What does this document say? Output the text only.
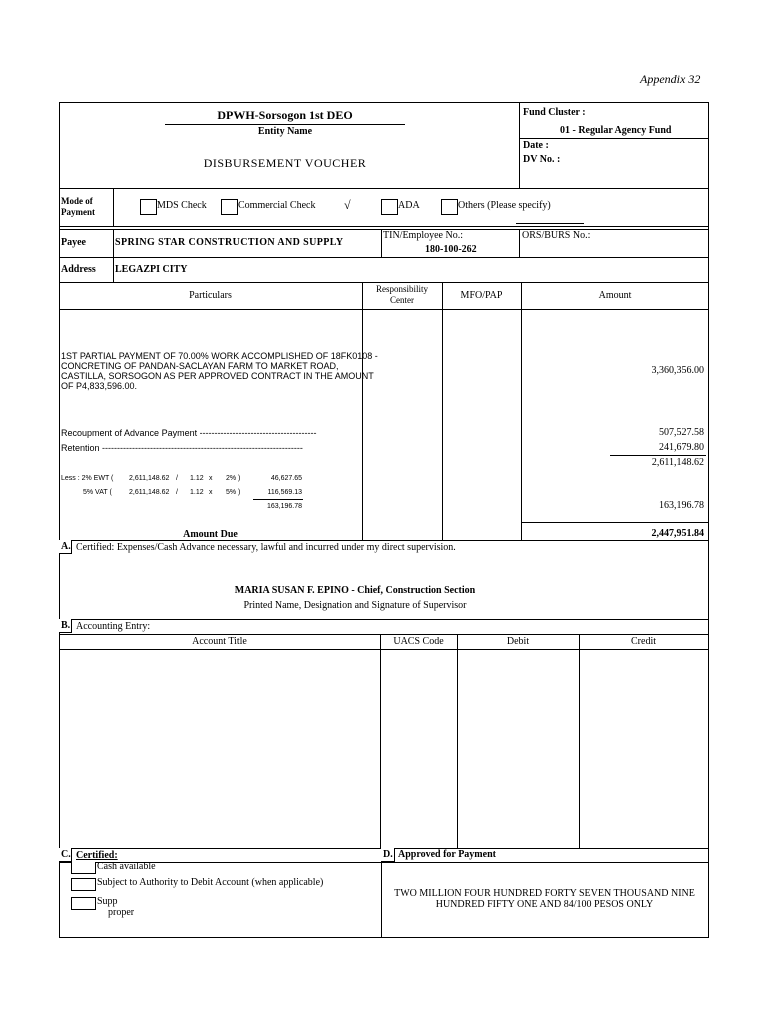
Appendix 32
DPWH-Sorsogon 1st DEO
Entity Name
DISBURSEMENT VOUCHER
Fund Cluster :
01 - Regular Agency Fund
Date :
DV No. :
Mode of
Payment
MDS Check	Commercial Check √	ADA	Others (Please specify)
Payee	SPRING STAR CONSTRUCTION AND SUPPLY
TIN/Employee No.:
180-100-262
ORS/BURS No.:
Address LEGAZPI CITY
Particulars
Responsibility
Center	MFO/PAP	Amount
1ST PARTIAL PAYMENT OF 70.00% WORK ACCOMPLISHED OF 18FK0108 -
CONCRETING OF PANDAN-SACLAYAN FARM TO MARKET ROAD,
CASTILLA, SORSOGON AS PER APPROVED CONTRACT IN THE AMOUNT
OF P4,833,596.00.
3,360,356.00
Recoupment of Advance Payment ---------------------------------------	507,527.58
Retention -------------------------------------------------------------------	241,679.80
2,611,148.62
Less : 2% EWT ( 2,611,148.62 / 1.12 x 2% )	46,627.65
5% VAT ( 2,611,148.62 / 1.12 x 5% )	116,569.13
163,196.78	163,196.78
Amount Due	2,447,951.84
A. Certified: Expenses/Cash Advance necessary, lawful and incurred under my direct supervision.
MARIA SUSAN F. EPINO - Chief, Construction Section
Printed Name, Designation and Signature of Supervisor
B. Accounting Entry:
Account Title	UACS Code	Debit	Credit
C. Certified:
Cash available
Subject to Authority to Debit Account (when applicable)
Supp
proper
D. Approved for Payment
TWO MILLION FOUR HUNDRED FORTY SEVEN THOUSAND NINE
HUNDRED FIFTY ONE AND 84/100 PESOS ONLY
